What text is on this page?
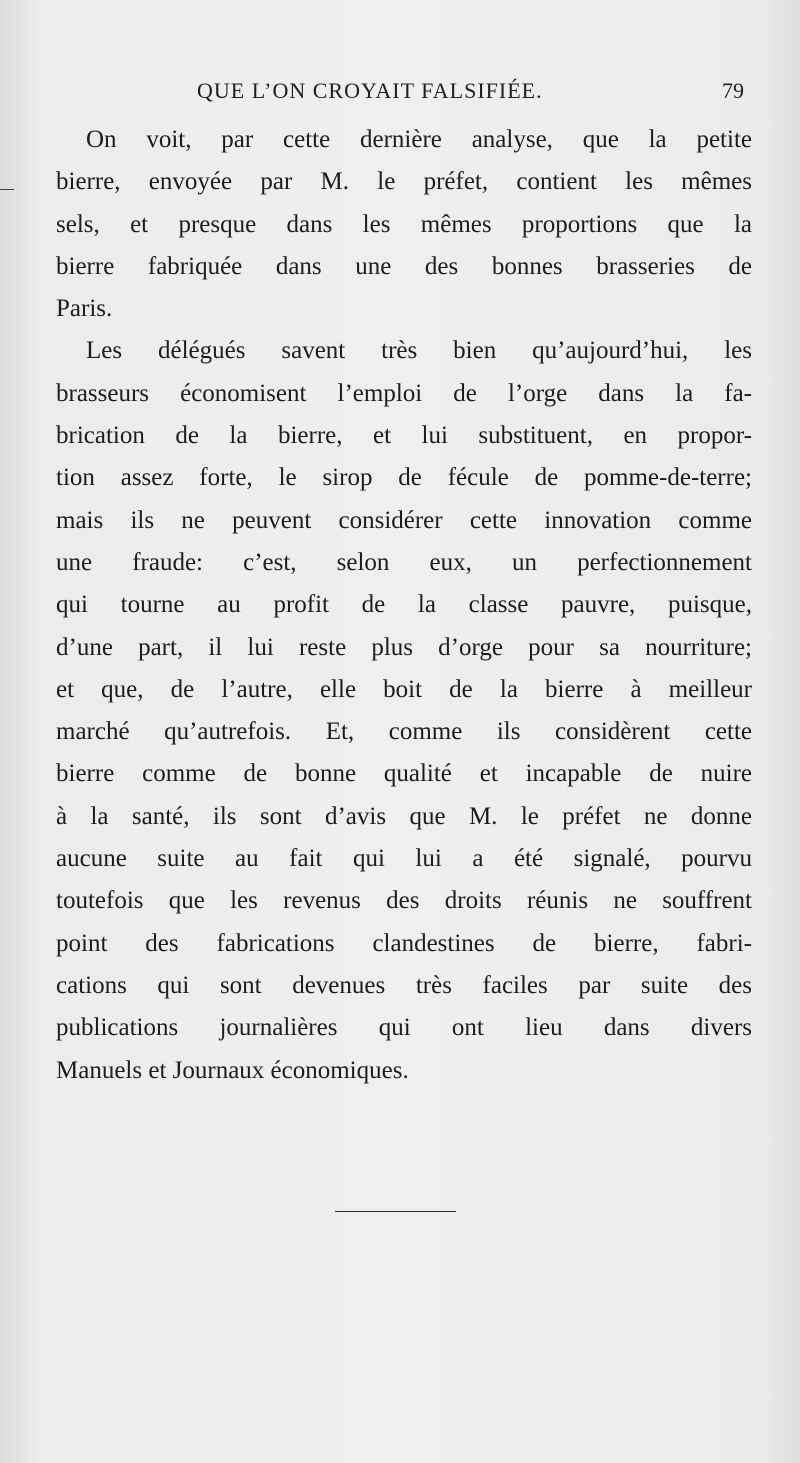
QUE L’ON CROYAIT FALSIFIÉE.	79
On voit, par cette dernière analyse, que la petite
bierre, envoyée par M. le préfet, contient les mêmes
sels, et presque dans les mêmes proportions que la
bierre fabriquée dans une des bonnes brasseries de
Paris.
Les délégués savent très bien qu’aujourd’hui, les
brasseurs économisent l’emploi de l’orge dans la fa-
brication de la bierre, et lui substituent, en propor-
tion assez forte, le sirop de fécule de pomme-de-terre;
mais ils ne peuvent considérer cette innovation comme
une fraude: c’est, selon eux, un perfectionnement
qui tourne au profit de la classe pauvre, puisque,
d’une part, il lui reste plus d’orge pour sa nourriture;
et que, de l’autre, elle boit de la bierre à meilleur
marché qu’autrefois. Et, comme ils considèrent cette
bierre comme de bonne qualité et incapable de nuire
à la santé, ils sont d’avis que M. le préfet ne donne
aucune suite au fait qui lui a été signalé, pourvu
toutefois que les revenus des droits réunis ne souffrent
point des fabrications clandestines de bierre, fabri-
cations qui sont devenues très faciles par suite des
publications journalières qui ont lieu dans divers
Manuels et Journaux économiques.
